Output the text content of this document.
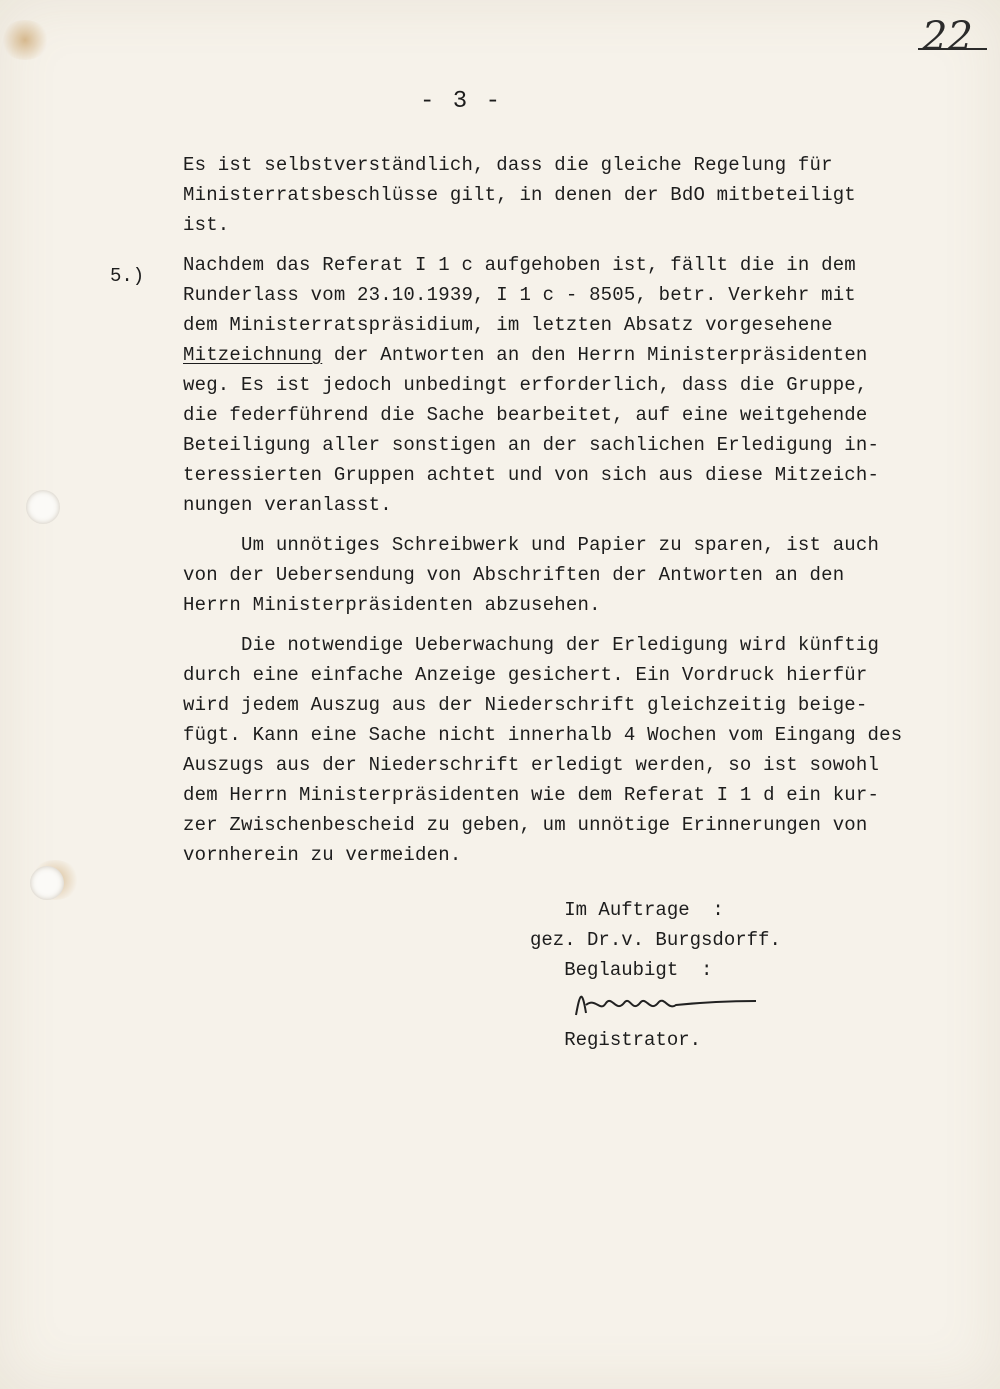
22
- 3 -
5.)
Es ist selbstverständlich, dass die gleiche Regelung für
Ministerratsbeschlüsse gilt, in denen der BdO mitbeteiligt
ist.
Nachdem das Referat I 1 c aufgehoben ist, fällt die in dem
Runderlass vom 23.10.1939, I 1 c - 8505, betr. Verkehr mit
dem Ministerratspräsidium, im letzten Absatz vorgesehene
Mitzeichnung der Antworten an den Herrn Ministerpräsidenten
weg. Es ist jedoch unbedingt erforderlich, dass die Gruppe,
die federführend die Sache bearbeitet, auf eine weitgehende
Beteiligung aller sonstigen an der sachlichen Erledigung in-
teressierten Gruppen achtet und von sich aus diese Mitzeich-
nungen veranlasst.
Um unnötiges Schreibwerk und Papier zu sparen, ist auch
von der Uebersendung von Abschriften der Antworten an den
Herrn Ministerpräsidenten abzusehen.
Die notwendige Ueberwachung der Erledigung wird künftig
durch eine einfache Anzeige gesichert. Ein Vordruck hierfür
wird jedem Auszug aus der Niederschrift gleichzeitig beige-
fügt. Kann eine Sache nicht innerhalb 4 Wochen vom Eingang des
Auszugs aus der Niederschrift erledigt werden, so ist sowohl
dem Herrn Ministerpräsidenten wie dem Referat I 1 d ein kur-
zer Zwischenbescheid zu geben, um unnötige Erinnerungen von
vornherein zu vermeiden.
Im Auftrage  :
gez. Dr.v. Burgsdorff.
Beglaubigt  :
Registrator.
